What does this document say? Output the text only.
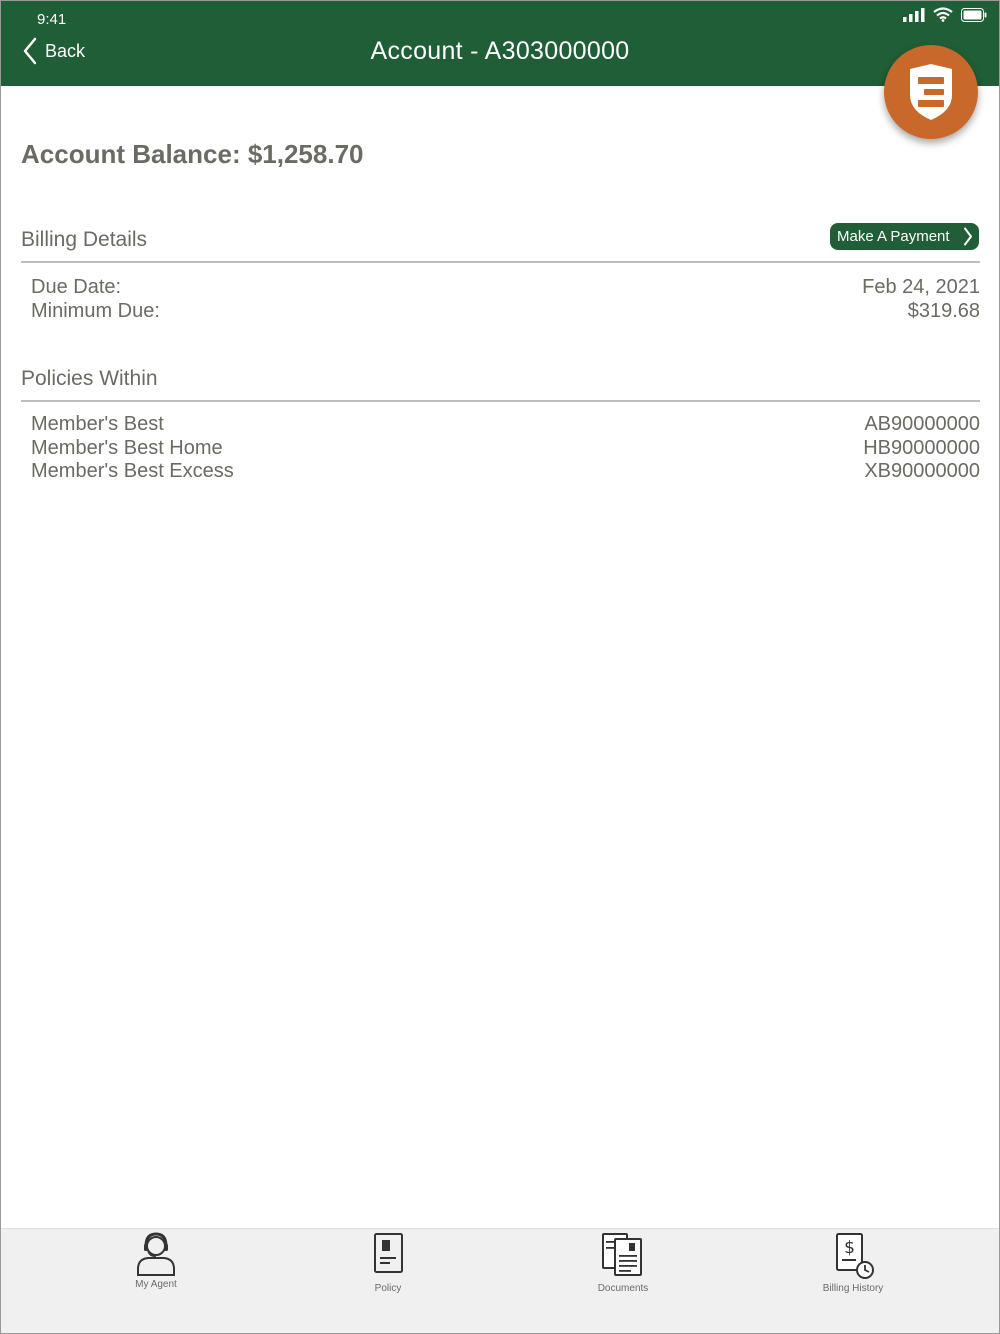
9:41
Back	Account - A303000000
Account Balance: $1,258.70
Billing Details	Make A Payment
Due Date:	Feb 24, 2021
Minimum Due:	$319.68
Policies Within
Member's Best	AB90000000
Member's Best Home	HB90000000
Member's Best Excess	XB90000000
My Agent	Policy	Documents
$
Billing History
